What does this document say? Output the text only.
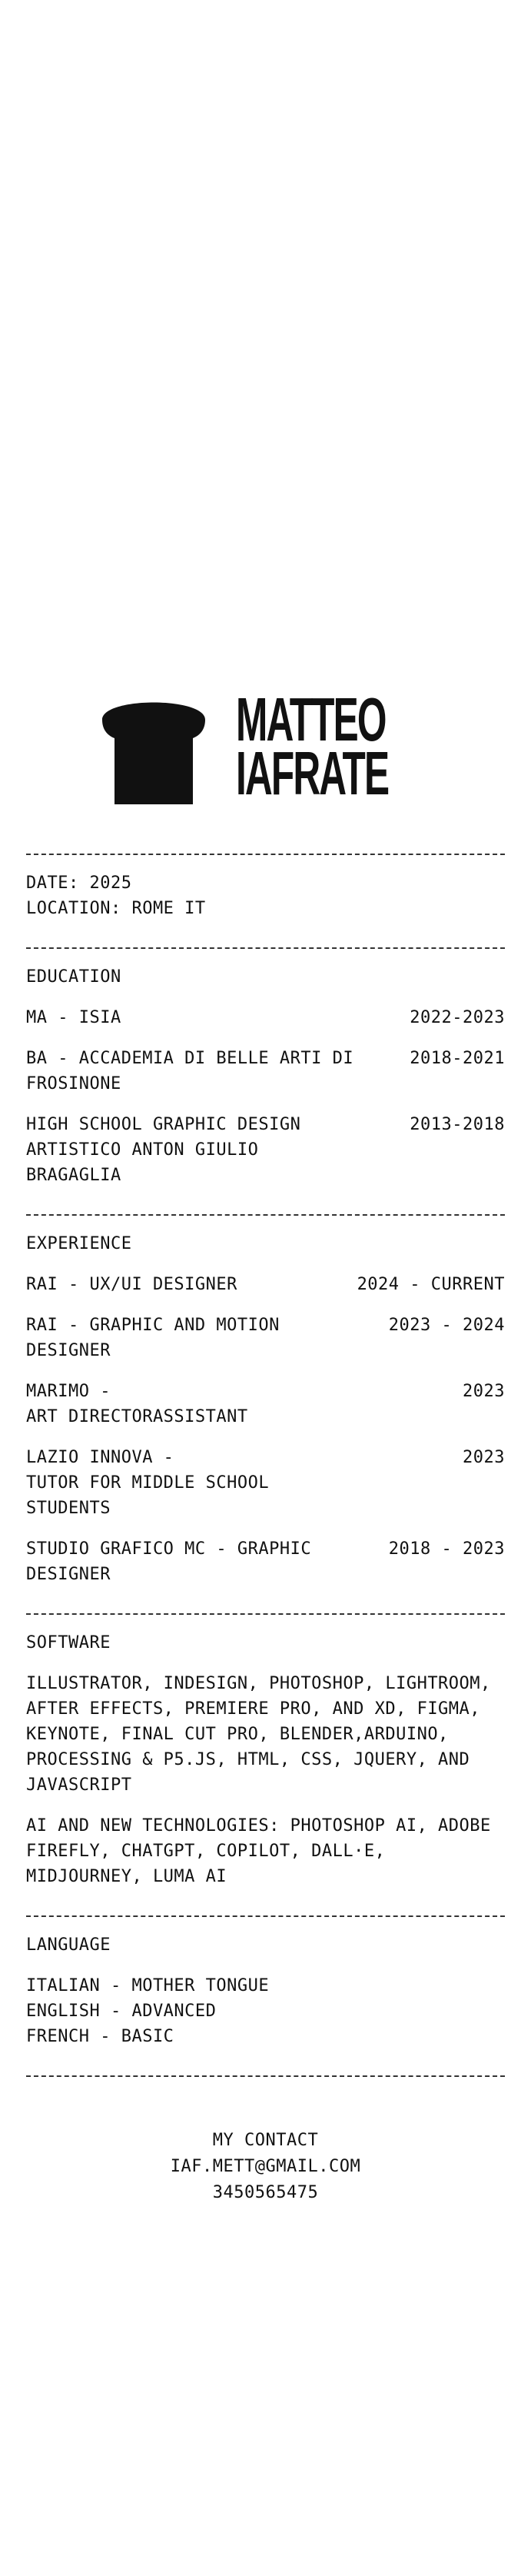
MATTEO
IAFRATE
DATE: 2025
LOCATION: ROME IT
EDUCATION
MA - ISIA	2022-2023
BA - ACCADEMIA DI BELLE ARTI DI FROSINONE
2018-2021
HIGH SCHOOL GRAPHIC DESIGN ARTISTICO ANTON GIULIO BRAGAGLIA
2013-2018
EXPERIENCE
RAI - UX/UI DESIGNER	2024 - CURRENT
RAI - GRAPHIC AND MOTION DESIGNER
2023 - 2024
MARIMO -
ART DIRECTORASSISTANT
2023
LAZIO INNOVA -
TUTOR FOR MIDDLE SCHOOL STUDENTS
2023
STUDIO GRAFICO MC - GRAPHIC DESIGNER
2018 - 2023
SOFTWARE
ILLUSTRATOR, INDESIGN, PHOTOSHOP, LIGHTROOM, AFTER EFFECTS, PREMIERE PRO, AND XD, FIGMA, KEYNOTE, FINAL CUT PRO, BLENDER,ARDUINO, PROCESSING & P5.JS, HTML, CSS, JQUERY, AND JAVASCRIPT
AI AND NEW TECHNOLOGIES: PHOTOSHOP AI, ADOBE FIREFLY, CHATGPT, COPILOT, DALL·E, MIDJOURNEY, LUMA AI
LANGUAGE
ITALIAN - MOTHER TONGUE
ENGLISH - ADVANCED
FRENCH - BASIC
MY CONTACT
IAF.METT@GMAIL.COM
3450565475
